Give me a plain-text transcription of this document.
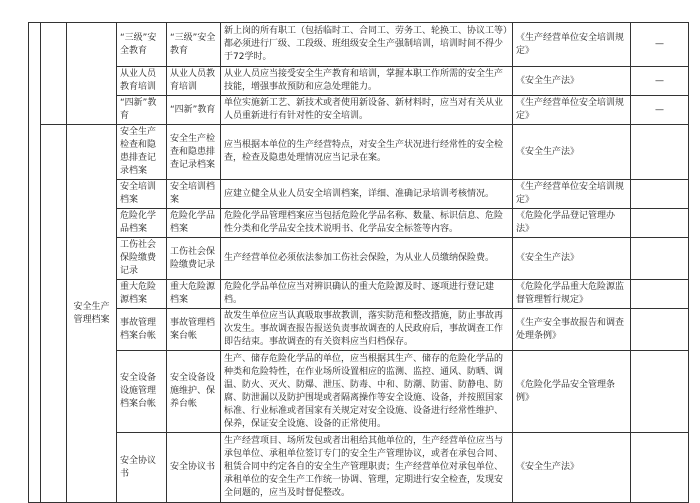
			“三级”安全教育	“三级”安全教育	新上岗的所有职工（包括临时工、合同工、劳务工、轮换工、协议工等）都必须进行厂级、工段级、班组级安全生产强制培训，培训时间不得少于72学时。	《生产经营单位安全培训规定》	—
			从业人员教育培训	从业人员教育培训	从业人员应当接受安全生产教育和培训，掌握本职工作所需的安全生产技能，增强事故预防和应急处理能力。	《安全生产法》	—
			“四新”教育	“四新”教育	单位实施新工艺、新技术或者使用新设备、新材料时，应当对有关从业人员重新进行有针对性的安全培训。	《生产经营单位安全培训规定》	—
		安全生产管理档案	安全生产检查和隐患排查记录档案	安全生产检查和隐患排查记录档案	应当根据本单位的生产经营特点，对安全生产状况进行经常性的安全检查，检查及隐患处理情况应当记录在案。	《安全生产法》	
			安全培训档案	安全培训档案	应建立健全从业人员安全培训档案，详细、准确记录培训考核情况。	《生产经营单位安全培训规定》	
			危险化学品档案	危险化学品档案	危险化学品管理档案应当包括危险化学品名称、数量、标识信息、危险性分类和化学品安全技术说明书、化学品安全标签等内容。	《危险化学品登记管理办法》	
			工伤社会保险缴费记录	工伤社会保险缴费记录	生产经营单位必须依法参加工伤社会保险，为从业人员缴纳保险费。	《安全生产法》	
			重大危险源档案	重大危险源档案	危险化学品单位应当对辨识确认的重大危险源及时、逐项进行登记建档。	《危险化学品重大危险源监督管理暂行规定》	
			事故管理档案台帐	事故管理档案台帐	故发生单位应当认真吸取事故教训，落实防范和整改措施，防止事故再次发生。事故调查报告报送负责事故调查的人民政府后，事故调查工作即告结束。事故调查的有关资料应当归档保存。	《生产安全事故报告和调查处理条例》	
			安全设备设施管理档案台帐	安全设备设施维护、保养台帐	生产、储存危险化学品的单位，应当根据其生产、储存的危险化学品的种类和危险特性，在作业场所设置相应的监测、监控、通风、防晒、调温、防火、灭火、防爆、泄压、防毒、中和、防潮、防雷、防静电、防腐、防泄漏以及防护围堤或者隔离操作等安全设施、设备，并按照国家标准、行业标准或者国家有关规定对安全设施、设备进行经常性维护、保养，保证安全设施、设备的正常使用。	《危险化学品安全管理条例》	
			安全协议书	安全协议书	生产经营项目、场所发包或者出租给其他单位的，生产经营单位应当与承包单位、承租单位签订专门的安全生产管理协议，或者在承包合同、租赁合同中约定各自的安全生产管理职责；生产经营单位对承包单位、承租单位的安全生产工作统一协调、管理，定期进行安全检查，发现安全问题的，应当及时督促整改。	《安全生产法》	
